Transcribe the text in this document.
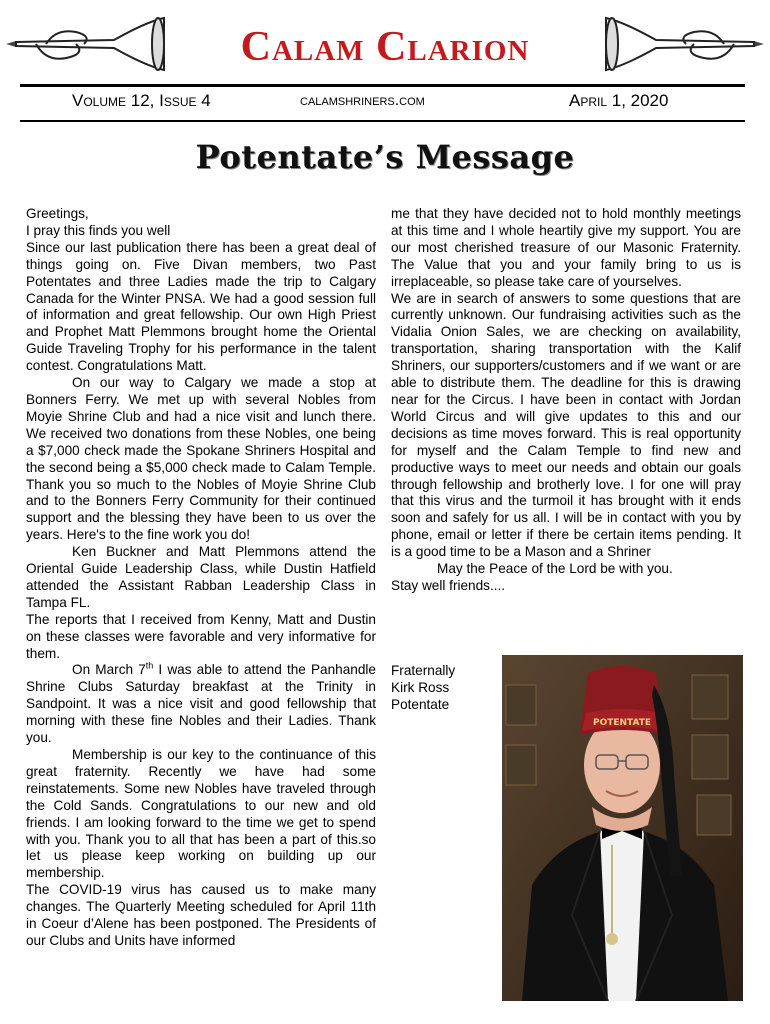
Calam Clarion
Volume 12, Issue 4	calamshriners.com	April 1, 2020
Potentate’s Message

Greetings,

I pray this finds you well

Since our last publication there has been a great deal of things going on. Five Divan members, two Past Potentates and three Ladies made the trip to Calgary Canada for the Winter PNSA. We had a good session full of information and great fellowship. Our own High Priest and Prophet Matt Plemmons brought home the Oriental Guide Traveling Trophy for his performance in the talent contest. Congratulations Matt.

On our way to Calgary we made a stop at Bonners Ferry. We met up with several Nobles from Moyie Shrine Club and had a nice visit and lunch there. We received two donations from these Nobles, one being a $7,000 check made the Spokane Shriners Hospital and the second being a $5,000 check made to Calam Temple. Thank you so much to the Nobles of Moyie Shrine Club and to the Bonners Ferry Community for their continued support and the blessing they have been to us over the years. Here's to the fine work you do!

Ken Buckner and Matt Plemmons attend the Oriental Guide Leadership Class, while Dustin Hatfield attended the Assistant Rabban Leadership Class in Tampa FL.

The reports that I received from Kenny, Matt and Dustin on these classes were favorable and very informative for them.

On March 7th I was able to attend the Panhandle Shrine Clubs Saturday breakfast at the Trinity in Sandpoint. It was a nice visit and good fellowship that morning with these fine Nobles and their Ladies. Thank you.

Membership is our key to the continuance of this great fraternity. Recently we have had some reinstatements. Some new Nobles have traveled through the Cold Sands. Congratulations to our new and old friends. I am looking forward to the time we get to spend with you. Thank you to all that has been a part of this.so let us please keep working on building up our membership.

The COVID-19 virus has caused us to make many changes. The Quarterly Meeting scheduled for April 11th in Coeur d’Alene has been postponed. The Presidents of our Clubs and Units have informed

me that they have decided not to hold monthly meetings at this time and I whole heartily give my support. You are our most cherished treasure of our Masonic Fraternity. The Value that you and your family bring to us is irreplaceable, so please take care of yourselves.

We are in search of answers to some questions that are currently unknown. Our fundraising activities such as the Vidalia Onion Sales, we are checking on availability, transportation, sharing transportation with the Kalif Shriners, our supporters/customers and if we want or are able to distribute them. The deadline for this is drawing near for the Circus. I have been in contact with Jordan World Circus and will give updates to this and our decisions as time moves forward. This is real opportunity for myself and the Calam Temple to find new and productive ways to meet our needs and obtain our goals through fellowship and brotherly love. I for one will pray that this virus and the turmoil it has brought with it ends soon and safely for us all. I will be in contact with you by phone, email or letter if there be certain items pending. It is a good time to be a Mason and a Shriner

May the Peace of the Lord be with you.

Stay well friends....

Fraternally
Kirk Ross
Potentate
POTENTATE
